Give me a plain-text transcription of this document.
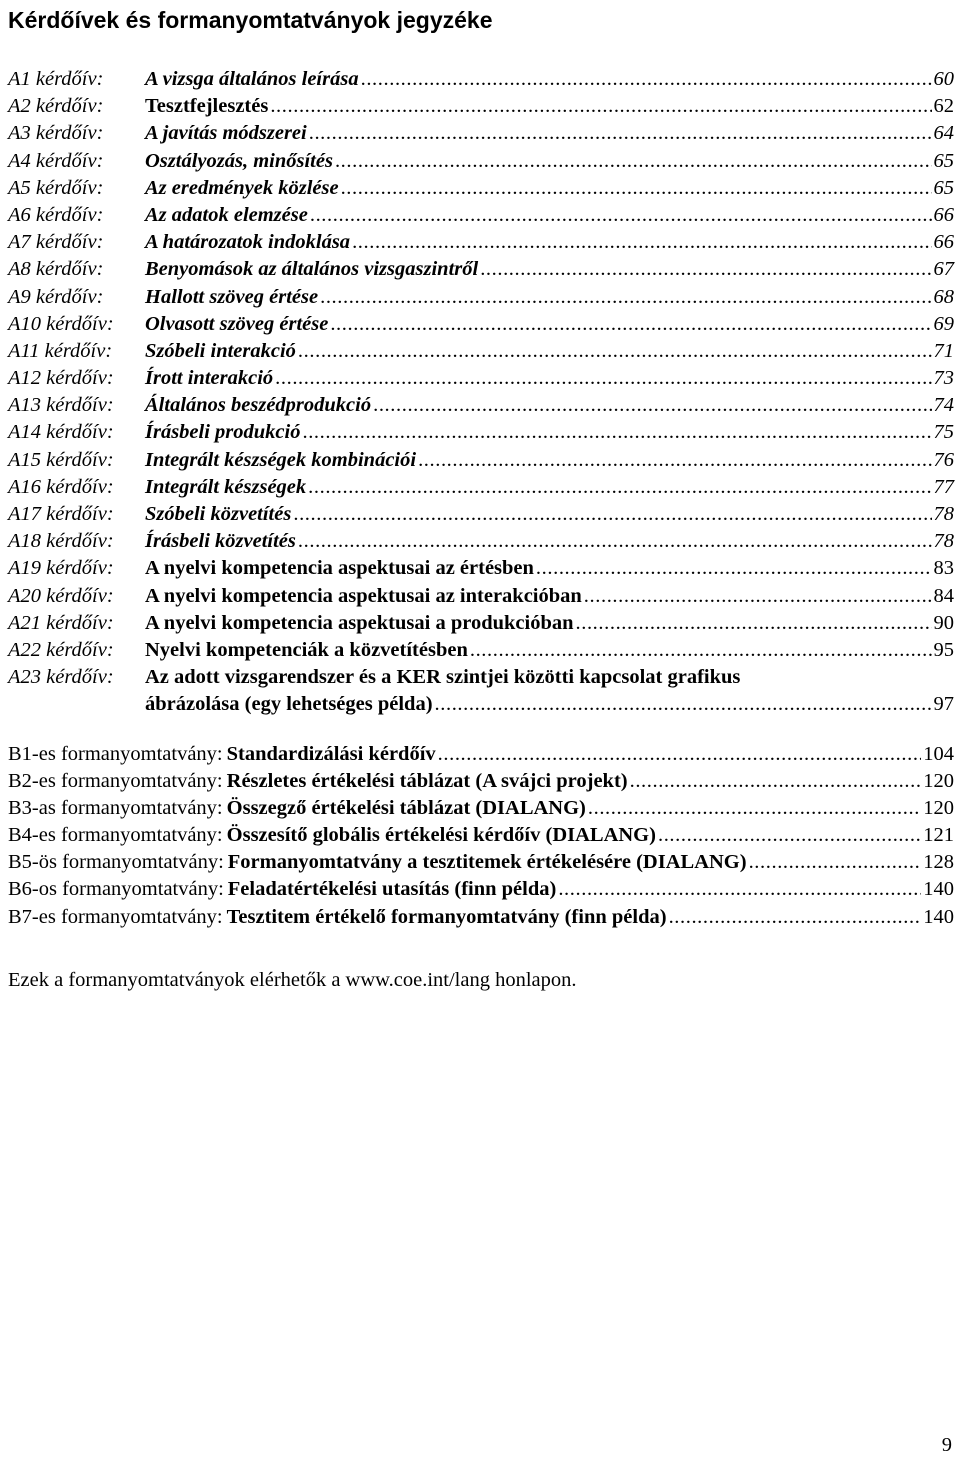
Kérdőívek és formanyomtatványok jegyzéke
A1 kérdőív:	A vizsga általános leírása .....	60
A2 kérdőív:	Tesztfejlesztés .....	62
A3 kérdőív:	A javítás módszerei .....	64
A4 kérdőív:	Osztályozás, minősítés .....	65
A5 kérdőív:	Az eredmények közlése .....	65
A6 kérdőív:	Az adatok elemzése .....	66
A7 kérdőív:	A határozatok indoklása .....	66
A8 kérdőív:	Benyomások az általános vizsgaszintről .....	67
A9 kérdőív:	Hallott szöveg értése .....	68
A10 kérdőív:	Olvasott szöveg értése .....	69
A11 kérdőív:	Szóbeli interakció .....	71
A12 kérdőív:	Írott interakció .....	73
A13 kérdőív:	Általános beszédprodukció .....	74
A14 kérdőív:	Írásbeli produkció .....	75
A15 kérdőív:	Integrált készségek kombinációi .....	76
A16 kérdőív:	Integrált készségek .....	77
A17 kérdőív:	Szóbeli közvetítés .....	78
A18 kérdőív:	Írásbeli közvetítés .....	78
A19 kérdőív:	A nyelvi kompetencia aspektusai az értésben .....	83
A20 kérdőív:	A nyelvi kompetencia aspektusai az interakcióban .....	84
A21 kérdőív:	A nyelvi kompetencia aspektusai a produkcióban .....	90
A22 kérdőív:	Nyelvi kompetenciák a közvetítésben .....	95
A23 kérdőív:	Az adott vizsgarendszer és a KER szintjei közötti kapcsolat grafikus
ábrázolása (egy lehetséges példa) .....	97
B1-es formanyomtatvány: Standardizálási kérdőív .....	104
B2-es formanyomtatvány: Részletes értékelési táblázat (A svájci projekt) .....	120
B3-as formanyomtatvány: Összegző értékelési táblázat (DIALANG) .....	120
B4-es formanyomtatvány: Összesítő globális értékelési kérdőív (DIALANG) .....	121
B5-ös formanyomtatvány: Formanyomtatvány a tesztitemek értékelésére (DIALANG) .....	128
B6-os formanyomtatvány: Feladatértékelési utasítás (finn példa) .....	140
B7-es formanyomtatvány: Tesztitem értékelő formanyomtatvány (finn példa) .....	140
Ezek a formanyomtatványok elérhetők a www.coe.int/lang honlapon.
9
